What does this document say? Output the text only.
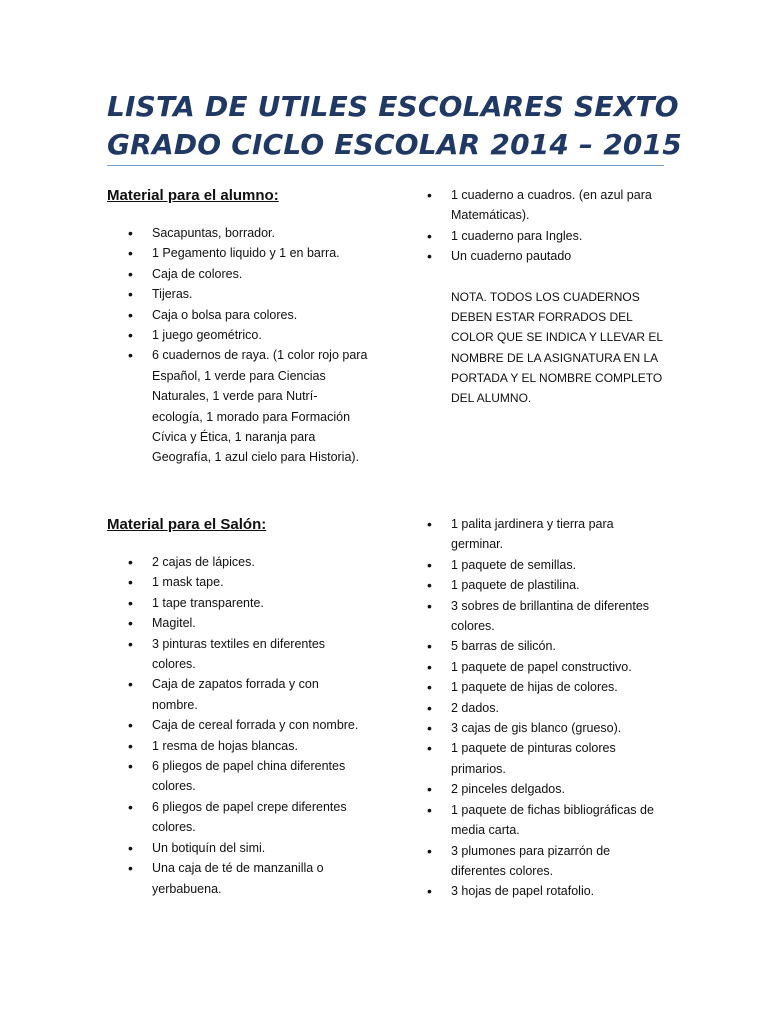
LISTA DE UTILES ESCOLARES SEXTO
GRADO CICLO ESCOLAR 2014 – 2015
Material para el alumno:
• Sacapuntas, borrador.
• 1 Pegamento liquido y 1 en barra.
• Caja de colores.
• Tijeras.
• Caja o bolsa para colores.
• 1 juego geométrico.
• 6 cuadernos de raya. (1 color rojo para Español, 1 verde para Ciencias Naturales, 1 verde para Nutrí-ecología, 1 morado para Formación Cívica y Ética, 1 naranja para Geografía, 1 azul cielo para Historia).
• 1 cuaderno a cuadros. (en azul para Matemáticas).
• 1 cuaderno para Ingles.
• Un cuaderno pautado
NOTA. TODOS LOS CUADERNOS DEBEN ESTAR FORRADOS DEL COLOR QUE SE INDICA Y LLEVAR EL NOMBRE DE LA ASIGNATURA EN LA PORTADA Y EL NOMBRE COMPLETO DEL ALUMNO.
Material para el Salón:
• 2 cajas de lápices.
• 1 mask tape.
• 1 tape transparente.
• Magitel.
• 3 pinturas textiles en diferentes colores.
• Caja de zapatos forrada y con nombre.
• Caja de cereal forrada y con nombre.
• 1 resma de hojas blancas.
• 6 pliegos de papel china diferentes colores.
• 6 pliegos de papel crepe diferentes colores.
• Un botiquín del simi.
• Una caja de té de manzanilla o yerbabuena.
• 1 palita jardinera y tierra para germinar.
• 1 paquete de semillas.
• 1 paquete de plastilina.
• 3 sobres de brillantina de diferentes colores.
• 5 barras de silicón.
• 1 paquete de papel constructivo.
• 1 paquete de hijas de colores.
• 2 dados.
• 3 cajas de gis blanco (grueso).
• 1 paquete de pinturas colores primarios.
• 2 pinceles delgados.
• 1 paquete de fichas bibliográficas de media carta.
• 3 plumones para pizarrón de diferentes colores.
• 3 hojas de papel rotafolio.
